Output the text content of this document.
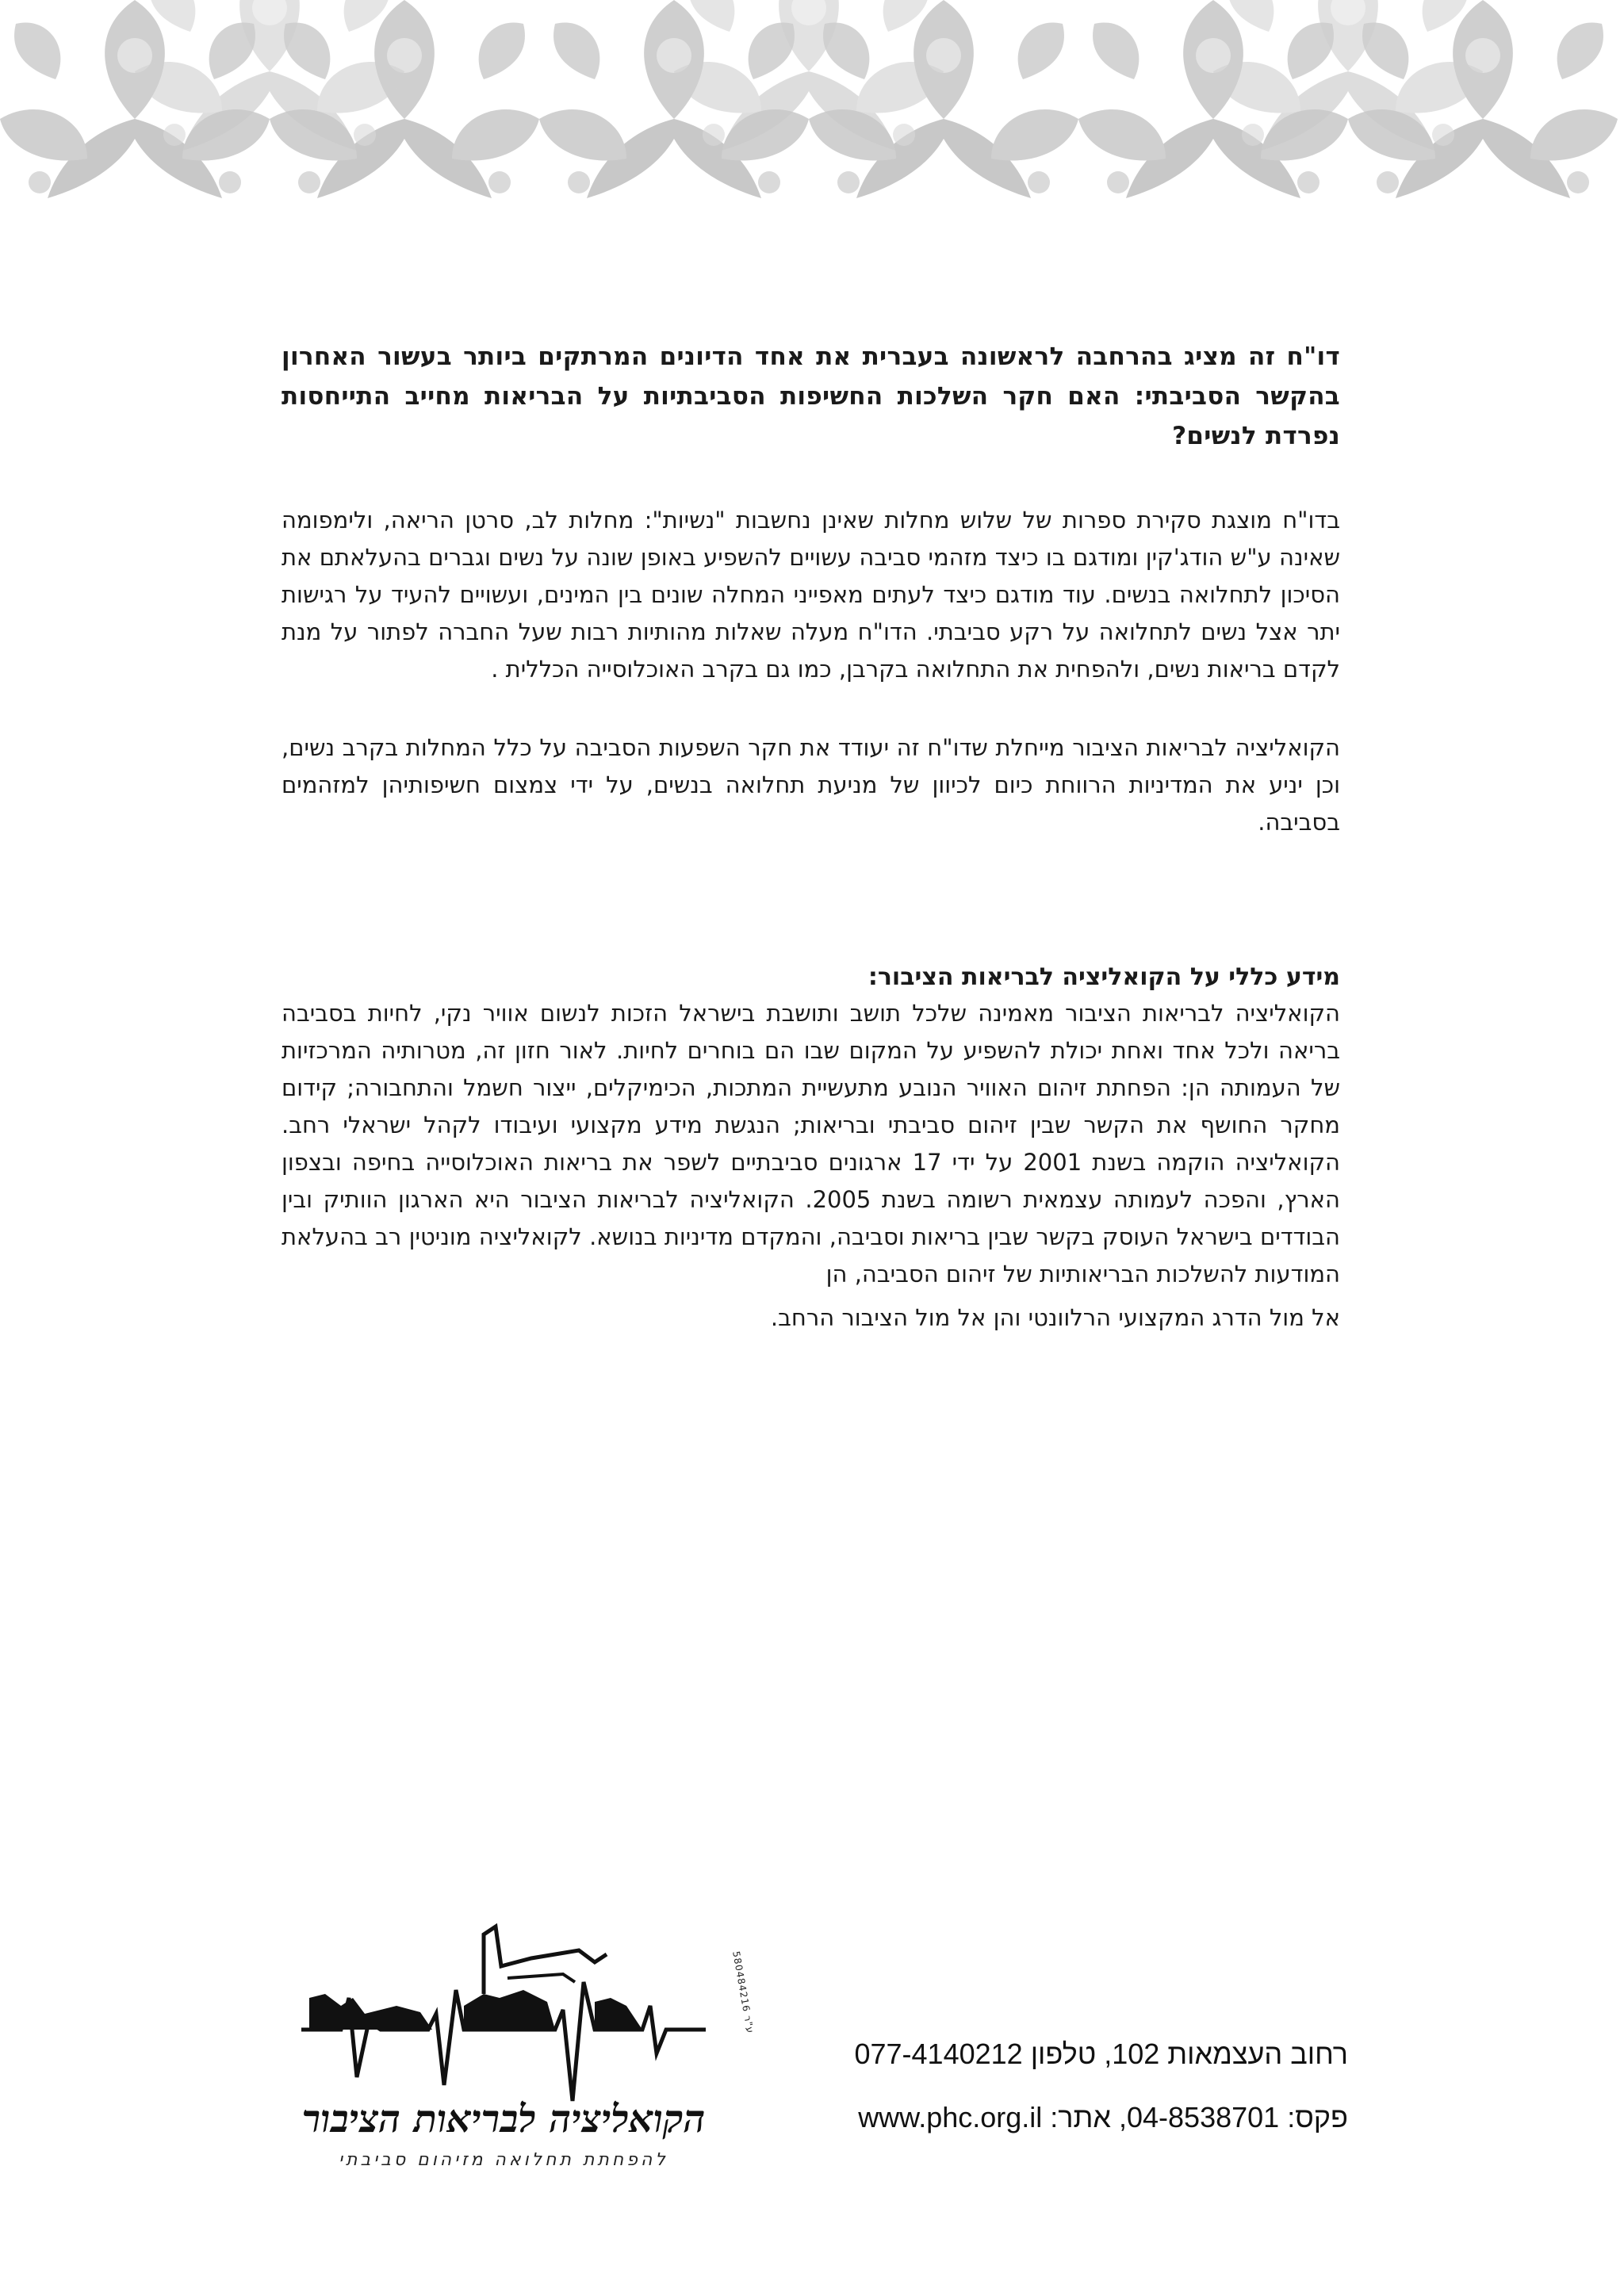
דו"ח זה מציג בהרחבה לראשונה בעברית את אחד הדיונים המרתקים ביותר בעשור האחרון בהקשר הסביבתי: האם חקר השלכות החשיפות הסביבתיות על הבריאות מחייב התייחסות נפרדת לנשים?

בדו"ח מוצגת סקירת ספרות של שלוש מחלות שאינן נחשבות "נשיות": מחלות לב, סרטן הריאה, ולימפומה שאינה ע"ש הודג'קין ומודגם בו כיצד מזהמי סביבה עשויים להשפיע באופן שונה על נשים וגברים בהעלאתם את הסיכון לתחלואה בנשים. עוד מודגם כיצד לעתים מאפייני המחלה שונים בין המינים, ועשויים להעיד על רגישות יתר אצל נשים לתחלואה על רקע סביבתי. הדו"ח מעלה שאלות מהותיות רבות שעל החברה לפתור על מנת לקדם בריאות נשים, ולהפחית את התחלואה בקרבן, כמו גם בקרב האוכלוסייה הכללית .

הקואליציה לבריאות הציבור מייחלת שדו"ח זה יעודד את חקר השפעות הסביבה על כלל המחלות בקרב נשים, וכן יניע את המדיניות הרווחת כיום לכיוון של מניעת תחלואה בנשים, על ידי צמצום חשיפותיהן למזהמים בסביבה.

מידע כללי על הקואליציה לבריאות הציבור:

הקואליציה לבריאות הציבור מאמינה שלכל תושב ותושבת בישראל הזכות לנשום אוויר נקי, לחיות בסביבה בריאה ולכל אחד ואחת יכולת להשפיע על המקום שבו הם בוחרים לחיות. לאור חזון זה, מטרותיה המרכזיות של העמותה הן: הפחתת זיהום האוויר הנובע מתעשיית המתכות, הכימיקלים, ייצור חשמל והתחבורה; קידום מחקר החושף את הקשר שבין זיהום סביבתי ובריאות; הנגשת מידע מקצועי ועיבודו לקהל ישראלי רחב. הקואליציה הוקמה בשנת 2001 על ידי 17 ארגונים סביבתיים לשפר את בריאות האוכלוסייה בחיפה ובצפון הארץ, והפכה לעמותה עצמאית רשומה בשנת 2005. הקואליציה לבריאות הציבור היא הארגון הוותיק ובין הבודדים בישראל העוסק בקשר שבין בריאות וסביבה, והמקדם מדיניות בנושא. לקואליציה מוניטין רב בהעלאת המודעות להשלכות הבריאותיות של זיהום הסביבה, הן

אל מול הדרג המקצועי הרלוונטי והן אל מול הציבור הרחב.

ע"ר 580484216

הקואליציה לבריאות הציבור

להפחתת תחלואה מזיהום סביבתי

רחוב העצמאות 102, טלפון 077-4140212

פקס: 04-8538701, אתר: www.phc.org.il
